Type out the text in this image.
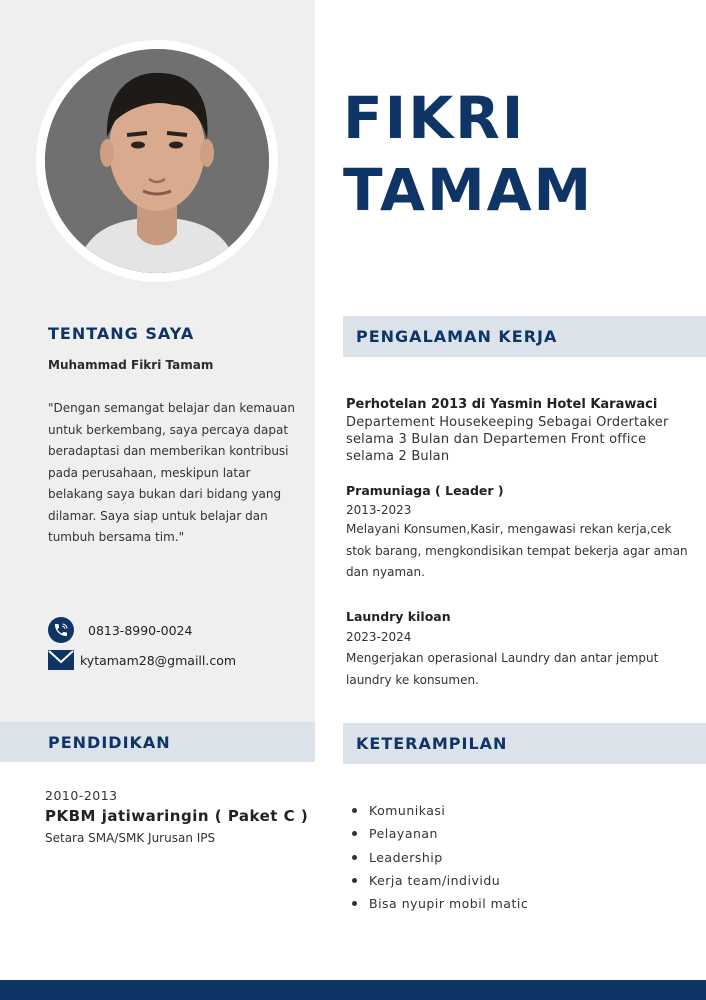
FIKRI
TAMAM
TENTANG SAYA
Muhammad Fikri Tamam
"Dengan semangat belajar dan kemauan untuk berkembang, saya percaya dapat beradaptasi dan memberikan kontribusi pada perusahaan, meskipun latar belakang saya bukan dari bidang yang dilamar. Saya siap untuk belajar dan tumbuh bersama tim."
0813-8990-0024
kytamam28@gmaill.com
PENDIDIKAN
2010-2013
PKBM jatiwaringin ( Paket C )
Setara SMA/SMK Jurusan IPS
PENGALAMAN KERJA
Perhotelan 2013 di Yasmin Hotel Karawaci
Departement Housekeeping Sebagai Ordertaker selama 3 Bulan dan Departemen Front office selama 2 Bulan
Pramuniaga ( Leader )
2013-2023
Melayani Konsumen,Kasir, mengawasi rekan kerja,cek stok barang, mengkondisikan tempat bekerja agar aman dan nyaman.
Laundry kiloan
2023-2024
Mengerjakan operasional Laundry dan antar jemput laundry ke konsumen.
KETERAMPILAN
Komunikasi
Pelayanan
Leadership
Kerja team/individu
Bisa nyupir mobil matic
